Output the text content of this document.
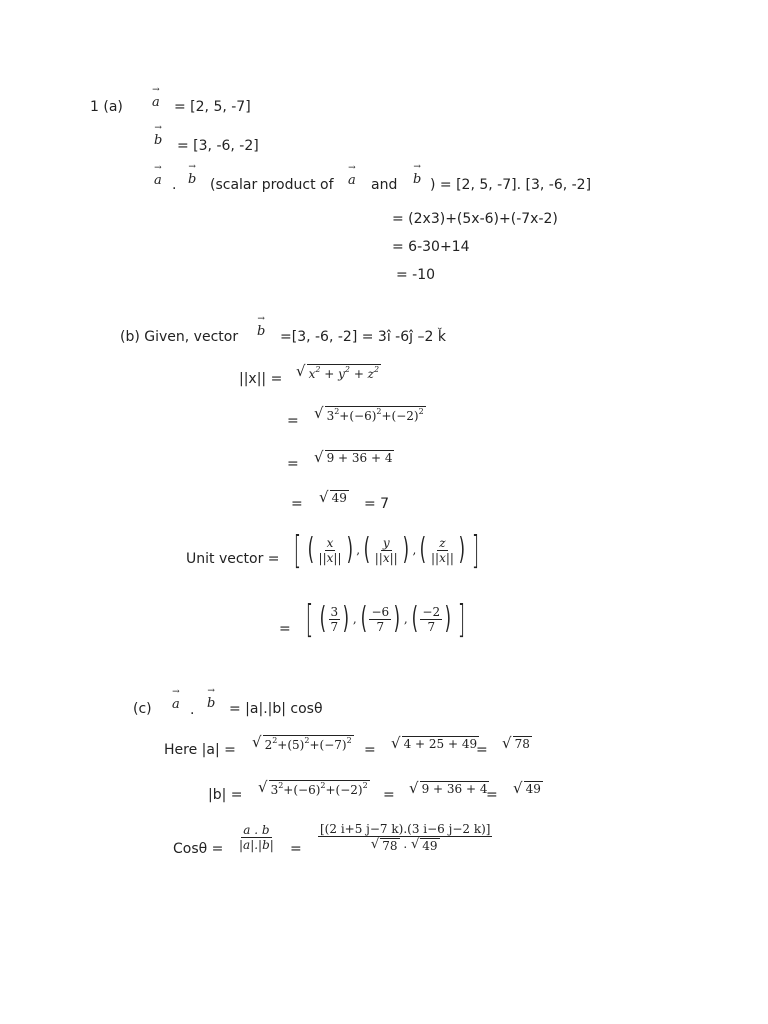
1 (a) → a = [2, 5, -7]
→ b = [3, -6, -2]
→ a . → b (scalar product of → a and → b ) = [2, 5, -7]. [3, -6, -2]
= (2x3)+(5x-6)+(-7x-2)
= 6-30+14
= -10
(b) Given, vector → b =[3, -6, -2] = 3î -6ĵ –2 ǩ
||x|| = √ $x^2 + y^2 + z^2$
= √ $3^2+(-6)^2+(-2)^2$
= √ 9 + 36 + 4
= √ 49 = 7
Unit vector = [ ( $\frac{x}{||x||}$ ) , ( $\frac{y}{||x||}$ ) , ( $\frac{z}{||x||}$ ) ]
= [ ( $\frac{3}{7}$ ) , ( $\frac{-6}{7}$ ) , ( $\frac{-2}{7}$ ) ]
(c) → a . → b = |a|.|b| cosθ
Here |a| = √ $2^2+(5)^2+(-7)^2$
= √ 4 + 25 + 49
= √ 78
|b| = √ $3^2+(-6)^2+(-2)^2$
= √ 9 + 36 + 4
= √ 49
$Cos\theta = \frac{a . b}{|a|.|b|} = \frac{[(2 i+5 j-7 k).(3 i-6 j-2 k)]}{√ 78 . √ 49}$
